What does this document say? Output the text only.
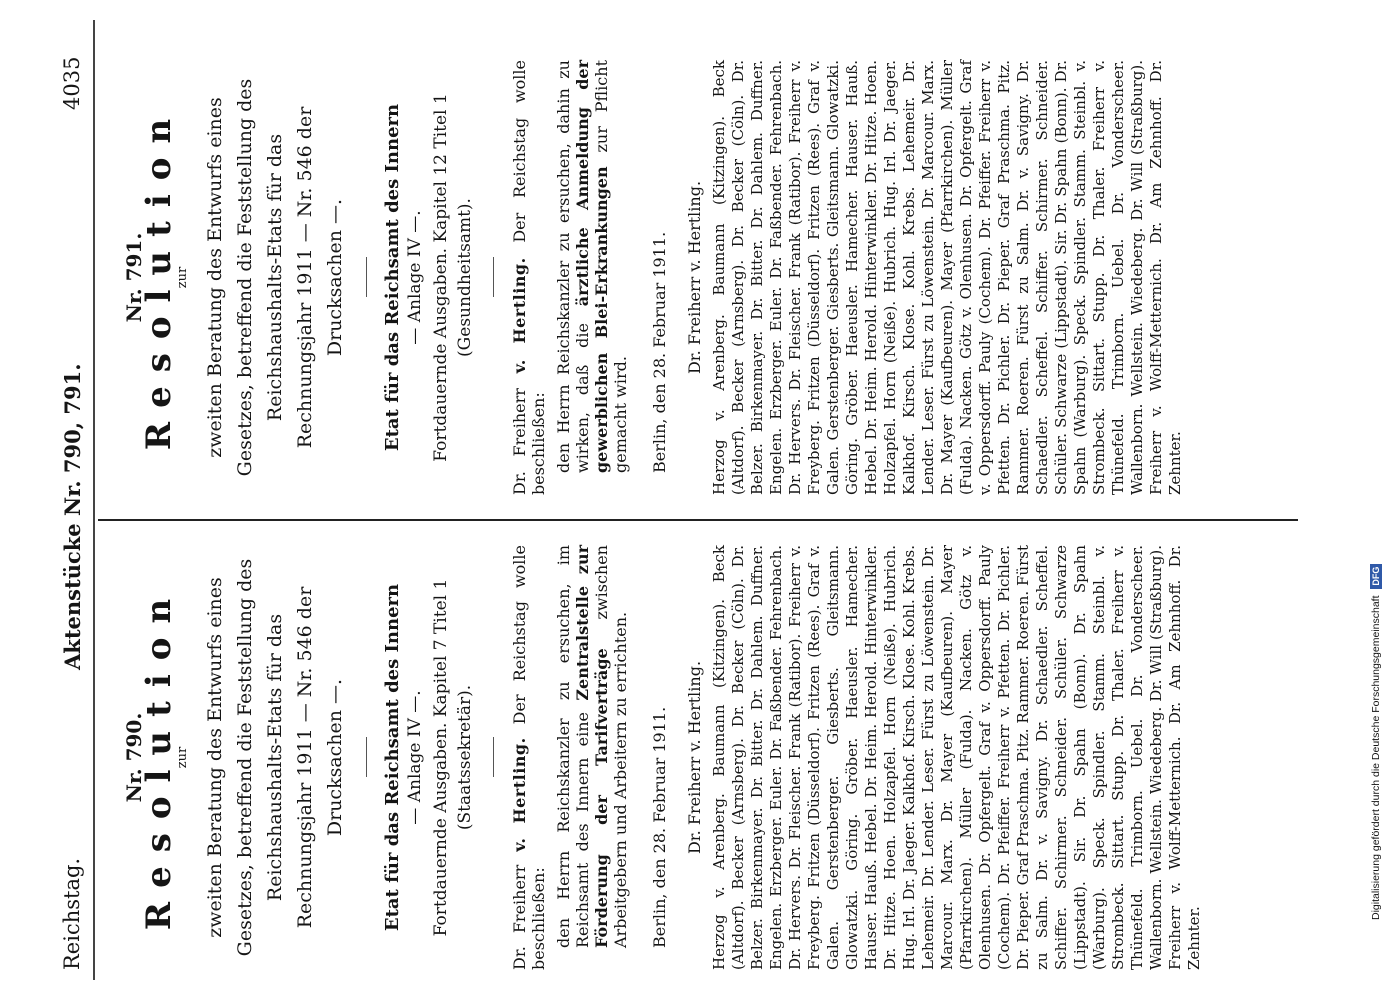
Reichstag.
Aktenstücke Nr. 790, 791.
4035

Nr. 790.

Resolution

zur zweiten Beratung des Entwurfs eines Gesetzes, betreffend die Feststellung des Reichshaushalts-Etats für das Rechnungsjahr 1911 — Nr. 546 der Drucksachen —. Etat für das Reichsamt des Innern — Anlage IV —. Fortdauernde Ausgaben. Kapitel 7 Titel 1 (Staatssekretär).

Dr. Freiherr v. Hertling. Der Reichstag wolle beschließen: den Herrn Reichskanzler zu ersuchen, im Reichsamt des Innern eine Zentralstelle zur Förderung der Tarifverträge zwischen Arbeitgebern und Arbeitern zu errichten. Berlin, den 28. Februar 1911. Dr. Freiherr v. Hertling. Herzog v. Arenberg. Baumann (Kitzingen). Beck (Altdorf). Becker (Arnsberg). Dr. Becker (Cöln). Dr. Belzer. Birkenmayer. Dr. Bitter. Dr. Dahlem. Duffner. Engelen. Erzberger. Euler. Dr. Faßbender. Fehrenbach. Dr. Hervers. Dr. Fleischer. Frank (Ratibor). Freiherr v. Freyberg. Fritzen (Düsseldorf). Fritzen (Rees). Graf v. Galen. Gerstenberger. Giesberts. Gleitsmann. Glowatzki. Göring. Gröber. Haeusler. Hamecher. Hauser. Hauß. Hebel. Dr. Heim. Herold. Hinterwinkler. Dr. Hitze. Hoen. Holzapfel. Horn (Neiße). Hubrich. Hug. Irl. Dr. Jaeger. Kalkhof. Kirsch. Klose. Kohl. Krebs. Lehemeir. Dr. Lender. Leser. Fürst zu Löwenstein. Dr. Marcour. Marx. Dr. Mayer (Kaufbeuren). Mayer (Pfarrkirchen). Müller (Fulda). Nacken. Götz v. Olenhusen. Dr. Opfergelt. Graf v. Oppersdorff. Pauly (Cochem). Dr. Pfeiffer. Freiherr v. Pfetten. Dr. Pichler. Dr. Pieper. Graf Praschma. Pitz. Rammer. Roeren. Fürst zu Salm. Dr. v. Savigny. Dr. Schaedler. Scheffel. Schiffer. Schirmer. Schneider. Schüler. Schwarze (Lippstadt). Sir. Dr. Spahn (Bonn). Dr. Spahn (Warburg). Speck. Spindler. Stamm. Steinbl. v. Strombeck. Sittart. Stupp. Dr. Thaler. Freiherr v. Thünefeld. Trimborn. Uebel. Dr. Vonderscheer. Wallenborn. Wellstein. Wiedeberg. Dr. Will (Straßburg). Freiherr v. Wolff-Metternich. Dr. Am Zehnhoff. Dr. Zehnter.

Nr. 791.

Resolution

zur zweiten Beratung des Entwurfs eines Gesetzes, betreffend die Feststellung des Reichshaushalts-Etats für das Rechnungsjahr 1911 — Nr. 546 der Drucksachen —. Etat für das Reichsamt des Innern — Anlage IV —. Fortdauernde Ausgaben. Kapitel 12 Titel 1 (Gesundheitsamt).

Dr. Freiherr v. Hertling. Der Reichstag wolle beschließen: den Herrn Reichskanzler zu ersuchen, dahin zu wirken, daß die ärztliche Anmeldung der gewerblichen Blei-Erkrankungen zur Pflicht gemacht wird. Berlin, den 28. Februar 1911. Dr. Freiherr v. Hertling. Herzog v. Arenberg. Baumann (Kitzingen). Beck (Altdorf). Becker (Arnsberg). Dr. Becker (Cöln). Dr. Belzer. Birkenmayer. Dr. Bitter. Dr. Dahlem. Duffner. Engelen. Erzberger. Euler. Dr. Faßbender. Fehrenbach. Dr. Hervers. Dr. Fleischer. Frank (Ratibor). Freiherr v. Freyberg. Fritzen (Düsseldorf). Fritzen (Rees). Graf v. Galen. Gerstenberger. Giesberts. Gleitsmann. Glowatzki. Göring. Gröber. Haeusler. Hamecher. Hauser. Hauß. Hebel. Dr. Heim. Herold. Hinterwinkler. Dr. Hitze. Hoen. Holzapfel. Horn (Neiße). Hubrich. Hug. Irl. Dr. Jaeger. Kalkhof. Kirsch. Klose. Kohl. Krebs. Lehemeir. Dr. Lender. Leser. Fürst zu Löwenstein. Dr. Marcour. Marx. Dr. Mayer (Kaufbeuren). Mayer (Pfarrkirchen). Müller (Fulda). Nacken. Götz v. Olenhusen. Dr. Opfergelt. Graf v. Oppersdorff. Pauly (Cochem). Dr. Pfeiffer. Freiherr v. Pfetten. Dr. Pichler. Dr. Pieper. Graf Praschma. Pitz. Rammer. Roeren. Fürst zu Salm. Dr. v. Savigny. Dr. Schaedler. Scheffel. Schiffer. Schirmer. Schneider. Schüler. Schwarze (Lippstadt). Sir. Dr. Spahn (Bonn). Dr. Spahn (Warburg). Speck. Spindler. Stamm. Steinbl. v. Strombeck. Sittart. Stupp. Dr. Thaler. Freiherr v. Thünefeld. Trimborn. Uebel. Dr. Vonderscheer. Wallenborn. Wellstein. Wiedeberg. Dr. Will (Straßburg). Freiherr v. Wolff-Metternich. Dr. Am Zehnhoff. Dr. Zehnter.

Digitalisierung gefördert durch die Deutsche Forschungsgemeinschaft DFG
